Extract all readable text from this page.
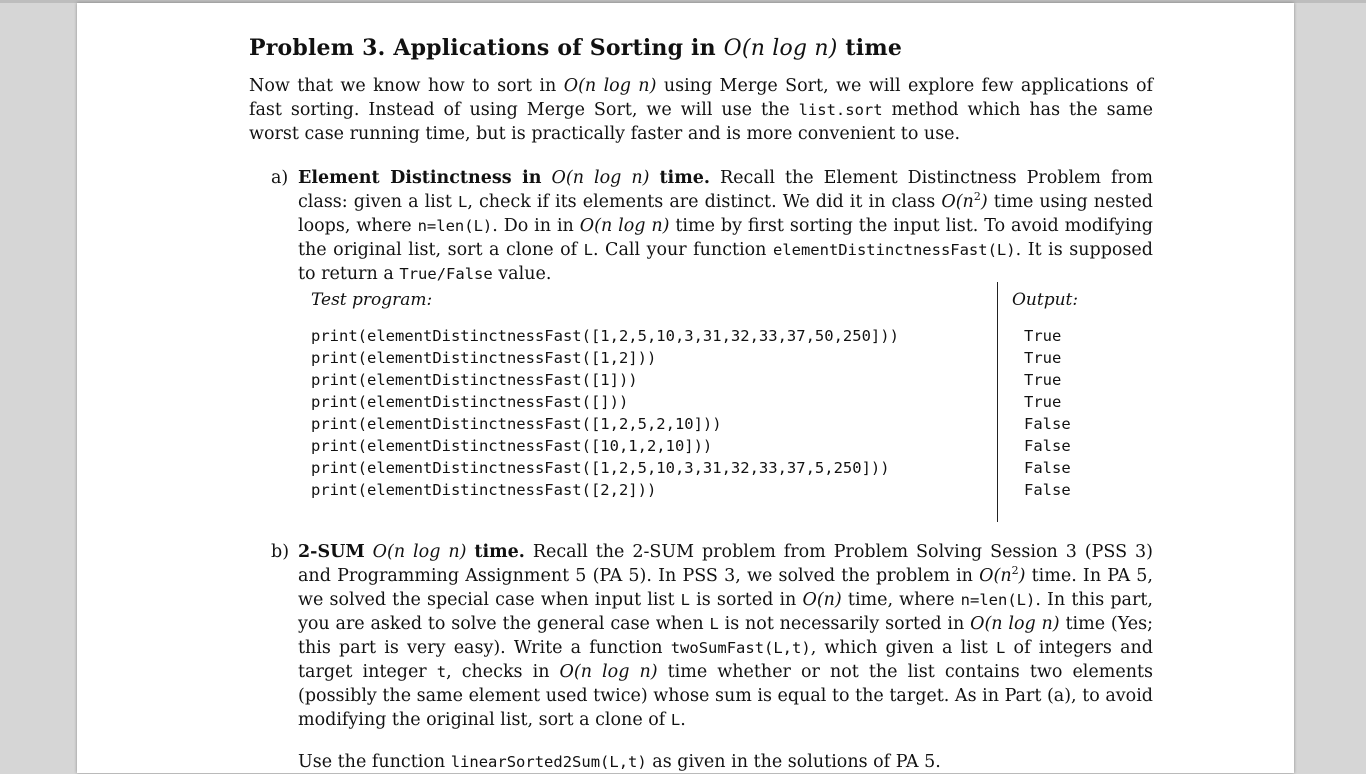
Problem 3. Applications of Sorting in O(n log n) time

Now that we know how to sort in O(n log n) using Merge Sort, we will explore few applications of fast sorting. Instead of using Merge Sort, we will use the list.sort method which has the same worst case running time, but is practically faster and is more convenient to use.

a) Element Distinctness in O(n log n) time. Recall the Element Distinctness Problem from class: given a list L, check if its elements are distinct. We did it in class $O(n^2)$ time using nested loops, where n=len(L). Do in in O(n log n) time by first sorting the input list. To avoid modifying the original list, sort a clone of L. Call your function elementDistinctnessFast(L). It is supposed to return a True/False value.
Test program:	Output:
print(elementDistinctnessFast([1,2,5,10,3,31,32,33,37,50,250]))
print(elementDistinctnessFast([1,2]))
print(elementDistinctnessFast([1]))
print(elementDistinctnessFast([]))
print(elementDistinctnessFast([1,2,5,2,10]))
print(elementDistinctnessFast([10,1,2,10]))
print(elementDistinctnessFast([1,2,5,10,3,31,32,33,37,5,250]))
print(elementDistinctnessFast([2,2]))
True
True
True
True
False
False
False
False
b) 2-SUM O(n log n) time. Recall the 2-SUM problem from Problem Solving Session 3 (PSS 3) and Programming Assignment 5 (PA 5). In PSS 3, we solved the problem in $O(n^2)$ time. In PA 5, we solved the special case when input list L is sorted in O(n) time, where n=len(L). In this part, you are asked to solve the general case when L is not necessarily sorted in O(n log n) time (Yes; this part is very easy). Write a function twoSumFast(L,t), which given a list L of integers and target integer t, checks in O(n log n) time whether or not the list contains two elements (possibly the same element used twice) whose sum is equal to the target. As in Part (a), to avoid modifying the original list, sort a clone of L.
Use the function linearSorted2Sum(L,t) as given in the solutions of PA 5.
